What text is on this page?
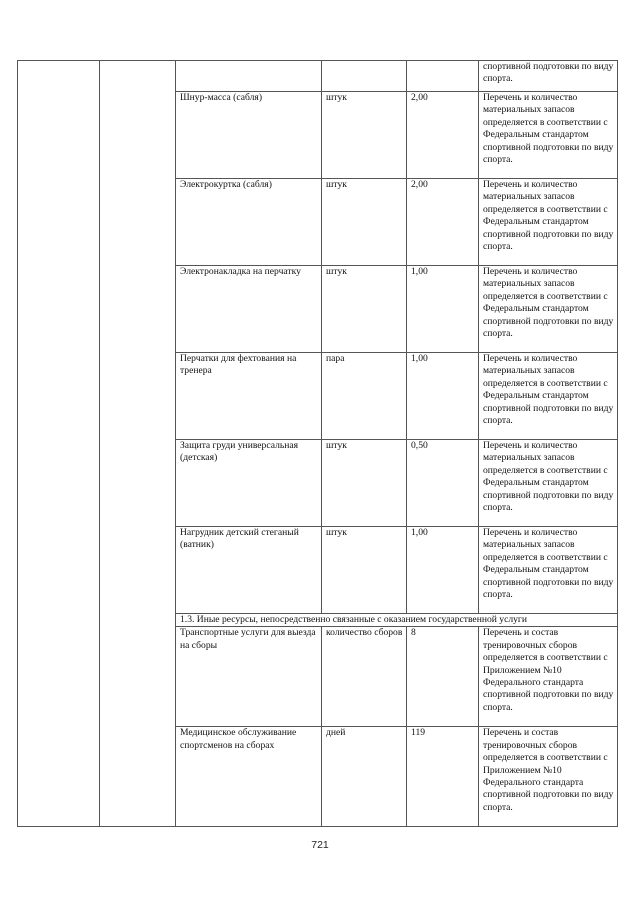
					спортивной подготовки по виду спорта.
		Шнур-масса (сабля)	штук	2,00	Перечень и количество материальных запасов определяется в соответствии с Федеральным стандартом спортивной подготовки по виду спорта.
		Электрокуртка (сабля)	штук	2,00	Перечень и количество материальных запасов определяется в соответствии с Федеральным стандартом спортивной подготовки по виду спорта.
		Электронакладка на перчатку	штук	1,00	Перечень и количество материальных запасов определяется в соответствии с Федеральным стандартом спортивной подготовки по виду спорта.
		Перчатки для фехтования на тренера	пара	1,00	Перечень и количество материальных запасов определяется в соответствии с Федеральным стандартом спортивной подготовки по виду спорта.
		Защита груди универсальная (детская)	штук	0,50	Перечень и количество материальных запасов определяется в соответствии с Федеральным стандартом спортивной подготовки по виду спорта.
		Нагрудник детский стеганый (ватник)	штук	1,00	Перечень и количество материальных запасов определяется в соответствии с Федеральным стандартом спортивной подготовки по виду спорта.
		1.3. Иные ресурсы, непосредственно связанные с оказанием государственной услуги			
		Транспортные услуги для выезда на сборы	количество сборов	8	Перечень и состав тренировочных сборов определяется в соответствии с Приложением №10 Федерального стандарта спортивной подготовки по виду спорта.
		Медицинское обслуживание спортсменов на сборах	дней	119	Перечень и состав тренировочных сборов определяется в соответствии с Приложением №10 Федерального стандарта спортивной подготовки по виду спорта.
721
